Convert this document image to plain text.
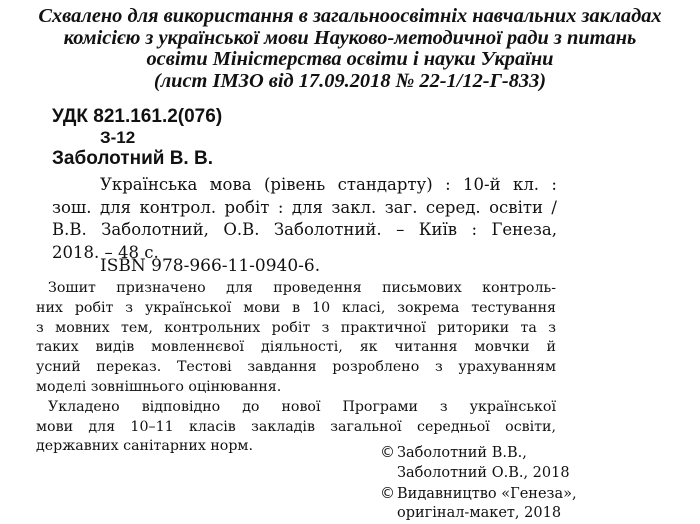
Схвалено для використання в загальноосвітніх навчальних закладах
комісією з української мови Науково-методичної ради з питань
освіти Міністерства освіти і науки України
(лист ІМЗО від 17.09.2018 № 22-1/12-Г-833)
УДК 821.161.2(076)
З-12
Заболотний В. В.
Українська мова (рівень стандарту) : 10-й кл. :
зош. для контрол. робіт : для закл. заг. серед. освіти /
В.В. Заболотний, О.В. Заболотний. – Київ : Генеза,
2018. – 48 с.
ISBN 978-966-11-0940-6.
Зошит призначено для проведення письмових контроль-
них робіт з української мови в 10 класі, зокрема тестування
з мовних тем, контрольних робіт з практичної риторики та з
таких видів мовленнєвої діяльності, як читання мовчки й
усний переказ. Тестові завдання розроблено з урахуванням
моделі зовнішнього оцінювання.
Укладено відповідно до нової Програми з української
мови для 10–11 класів закладів загальної середньої освіти,
державних санітарних норм.	© Заболотний В.В.,
Заболотний О.В., 2018
© Видавництво «Генеза»,
оригінал-макет, 2018
